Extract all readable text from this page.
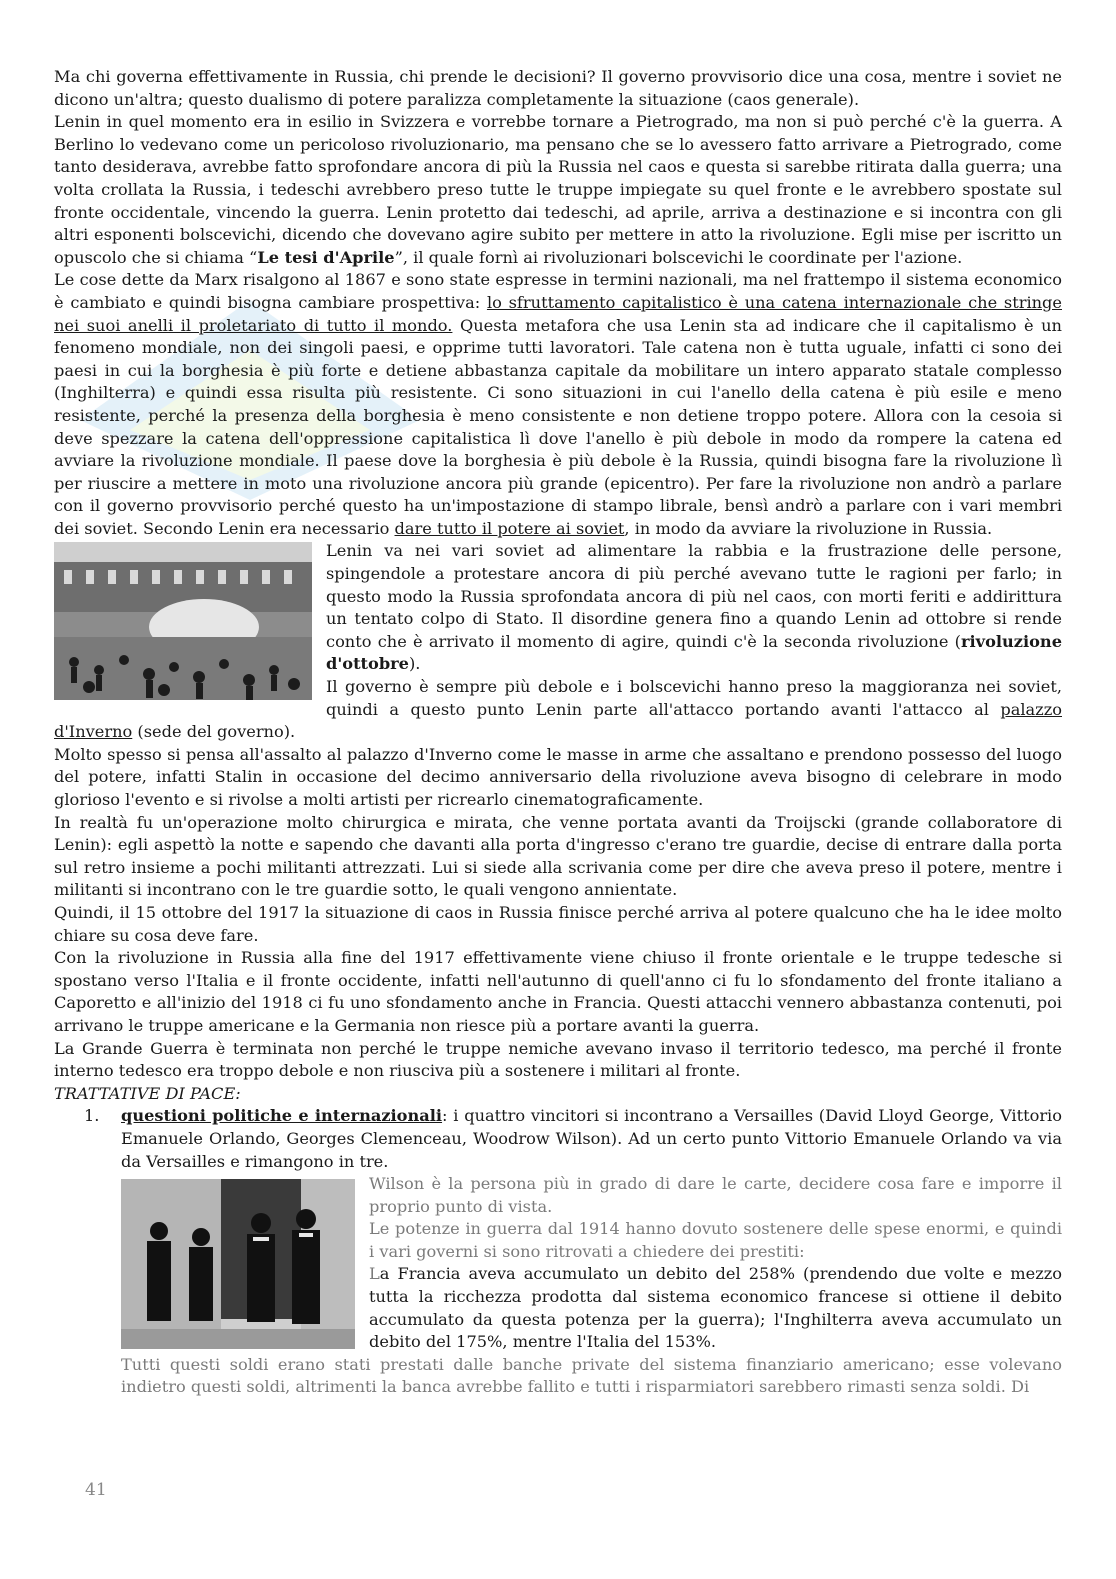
Ma chi governa effettivamente in Russia, chi prende le decisioni? Il governo provvisorio dice una cosa, mentre i soviet ne dicono un'altra; questo dualismo di potere paralizza completamente la situazione (caos generale).

Lenin in quel momento era in esilio in Svizzera e vorrebbe tornare a Pietrogrado, ma non si può perché c'è la guerra. A Berlino lo vedevano come un pericoloso rivoluzionario, ma pensano che se lo avessero fatto arrivare a Pietrogrado, come tanto desiderava, avrebbe fatto sprofondare ancora di più la Russia nel caos e questa si sarebbe ritirata dalla guerra; una volta crollata la Russia, i tedeschi avrebbero preso tutte le truppe impiegate su quel fronte e le avrebbero spostate sul fronte occidentale, vincendo la guerra. Lenin protetto dai tedeschi, ad aprile, arriva a destinazione e si incontra con gli altri esponenti bolscevichi, dicendo che dovevano agire subito per mettere in atto la rivoluzione. Egli mise per iscritto un opuscolo che si chiama “Le tesi d'Aprile”, il quale fornì ai rivoluzionari bolscevichi le coordinate per l'azione.

Le cose dette da Marx risalgono al 1867 e sono state espresse in termini nazionali, ma nel frattempo il sistema economico è cambiato e quindi bisogna cambiare prospettiva: lo sfruttamento capitalistico è una catena internazionale che stringe nei suoi anelli il proletariato di tutto il mondo. Questa metafora che usa Lenin sta ad indicare che il capitalismo è un fenomeno mondiale, non dei singoli paesi, e opprime tutti lavoratori. Tale catena non è tutta uguale, infatti ci sono dei paesi in cui la borghesia è più forte e detiene abbastanza capitale da mobilitare un intero apparato statale complesso (Inghilterra) e quindi essa risulta più resistente. Ci sono situazioni in cui l'anello della catena è più esile e meno resistente, perché la presenza della borghesia è meno consistente e non detiene troppo potere. Allora con la cesoia si deve spezzare la catena dell'oppressione capitalistica lì dove l'anello è più debole in modo da rompere la catena ed avviare la rivoluzione mondiale. Il paese dove la borghesia è più debole è la Russia, quindi bisogna fare la rivoluzione lì per riuscire a mettere in moto una rivoluzione ancora più grande (epicentro). Per fare la rivoluzione non andrò a parlare con il governo provvisorio perché questo ha un'impostazione di stampo librale, bensì andrò a parlare con i vari membri dei soviet. Secondo Lenin era necessario dare tutto il potere ai soviet, in modo da avviare la rivoluzione in Russia.

Lenin va nei vari soviet ad alimentare la rabbia e la frustrazione delle persone, spingendole a protestare ancora di più perché avevano tutte le ragioni per farlo; in questo modo la Russia sprofondata ancora di più nel caos, con morti feriti e addirittura un tentato colpo di Stato. Il disordine genera fino a quando Lenin ad ottobre si rende conto che è arrivato il momento di agire, quindi c'è la seconda rivoluzione (rivoluzione d'ottobre).

Il governo è sempre più debole e i bolscevichi hanno preso la maggioranza nei soviet, quindi a questo punto Lenin parte all'attacco portando avanti l'attacco al palazzo d'Inverno (sede del governo).

Molto spesso si pensa all'assalto al palazzo d'Inverno come le masse in arme che assaltano e prendono possesso del luogo del potere, infatti Stalin in occasione del decimo anniversario della rivoluzione aveva bisogno di celebrare in modo glorioso l'evento e si rivolse a molti artisti per ricrearlo cinematograficamente.

In realtà fu un'operazione molto chirurgica e mirata, che venne portata avanti da Troijscki (grande collaboratore di Lenin): egli aspettò la notte e sapendo che davanti alla porta d'ingresso c'erano tre guardie, decise di entrare dalla porta sul retro insieme a pochi militanti attrezzati. Lui si siede alla scrivania come per dire che aveva preso il potere, mentre i militanti si incontrano con le tre guardie sotto, le quali vengono annientate.

Quindi, il 15 ottobre del 1917 la situazione di caos in Russia finisce perché arriva al potere qualcuno che ha le idee molto chiare su cosa deve fare.

Con la rivoluzione in Russia alla fine del 1917 effettivamente viene chiuso il fronte orientale e le truppe tedesche si spostano verso l'Italia e il fronte occidente, infatti nell'autunno di quell'anno ci fu lo sfondamento del fronte italiano a Caporetto e all'inizio del 1918 ci fu uno sfondamento anche in Francia. Questi attacchi vennero abbastanza contenuti, poi arrivano le truppe americane e la Germania non riesce più a portare avanti la guerra.

La Grande Guerra è terminata non perché le truppe nemiche avevano invaso il territorio tedesco, ma perché il fronte interno tedesco era troppo debole e non riusciva più a sostenere i militari al fronte.

TRATTATIVE DI PACE:

1. questioni politiche e internazionali: i quattro vincitori si incontrano a Versailles (David Lloyd George, Vittorio Emanuele Orlando, Georges Clemenceau, Woodrow Wilson). Ad un certo punto Vittorio Emanuele Orlando va via da Versailles e rimangono in tre.

Wilson è la persona più in grado di dare le carte, decidere cosa fare e imporre il proprio punto di vista.

Le potenze in guerra dal 1914 hanno dovuto sostenere delle spese enormi, e quindi i vari governi si sono ritrovati a chiedere dei prestiti:

La Francia aveva accumulato un debito del 258% (prendendo due volte e mezzo tutta la ricchezza prodotta dal sistema economico francese si ottiene il debito accumulato da questa potenza per la guerra); l'Inghilterra aveva accumulato un debito del 175%, mentre l'Italia del 153%.

Tutti questi soldi erano stati prestati dalle banche private del sistema finanziario americano; esse volevano indietro questi soldi, altrimenti la banca avrebbe fallito e tutti i risparmiatori sarebbero rimasti senza soldi. Di

41
